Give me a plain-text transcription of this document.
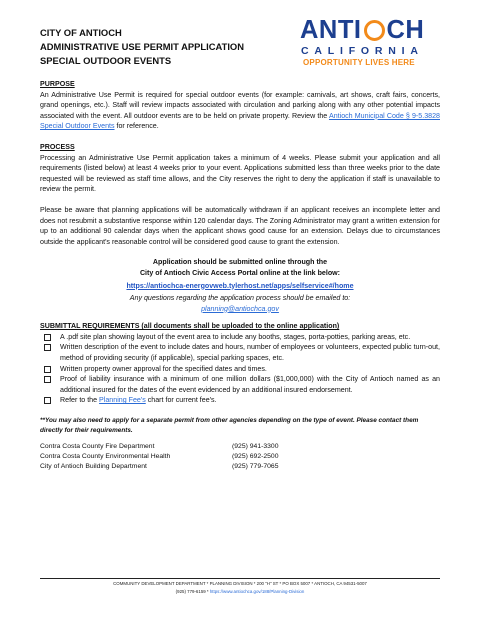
CITY OF ANTIOCH
ADMINISTRATIVE USE PERMIT APPLICATION
SPECIAL OUTDOOR EVENTS
ANTI CH
CALIFORNIA
OPPORTUNITY LIVES HERE
PURPOSE

An Administrative Use Permit is required for special outdoor events (for example: carnivals, art shows, craft fairs, concerts, grand openings, etc.). Staff will review impacts associated with circulation and parking along with any other potential impacts associated with the event. All outdoor events are to be held on private property. Review the Antioch Municipal Code § 9-5.3828 Special Outdoor Events for reference.

PROCESS

Processing an Administrative Use Permit application takes a minimum of 4 weeks. Please submit your application and all requirements (listed below) at least 4 weeks prior to your event. Applications submitted less than three weeks prior to the date requested will be reviewed as staff time allows, and the City reserves the right to deny the application if staff is unavailable to review the permit.

Please be aware that planning applications will be automatically withdrawn if an applicant receives an incomplete letter and does not resubmit a substantive response within 120 calendar days. The Zoning Administrator may grant a written extension for up to an additional 90 calendar days when the applicant shows good cause for an extension. Delays due to circumstances outside the applicant's reasonable control will be considered good cause to grant the extension.

Application should be submitted online through the
City of Antioch Civic Access Portal online at the link below:
https://antiochca-energovweb.tylerhost.net/apps/selfservice#/home
Any questions regarding the application process should be emailed to:
planning@antiochca.gov
SUBMITTAL REQUIREMENTS (all documents shall be uploaded to the online application)
A .pdf site plan showing layout of the event area to include any booths, stages, porta-potties, parking areas, etc.
Written description of the event to include dates and hours, number of employees or volunteers, expected public turn-out, method of providing security (if applicable), special parking spaces, etc.
Written property owner approval for the specified dates and times.
Proof of liability insurance with a minimum of one million dollars ($1,000,000) with the City of Antioch named as an additional insured for the dates of the event evidenced by an additional insured endorsement.
Refer to the Planning Fee's chart for current fee's.
**You may also need to apply for a separate permit from other agencies depending on the type of event. Please contact them directly for their requirements.
Contra Costa County Fire Department	(925) 941-3300
Contra Costa County Environmental Health	(925) 692-2500
City of Antioch Building Department	(925) 779-7065
COMMUNITY DEVELOPMENT DEPARTMENT * PLANNING DIVISION * 200 "H" ST * PO BOX 5007 * ANTIOCH, CA 94531-5007
(925) 779-6159 * https://www.antiochca.gov/188/Planning-Division
